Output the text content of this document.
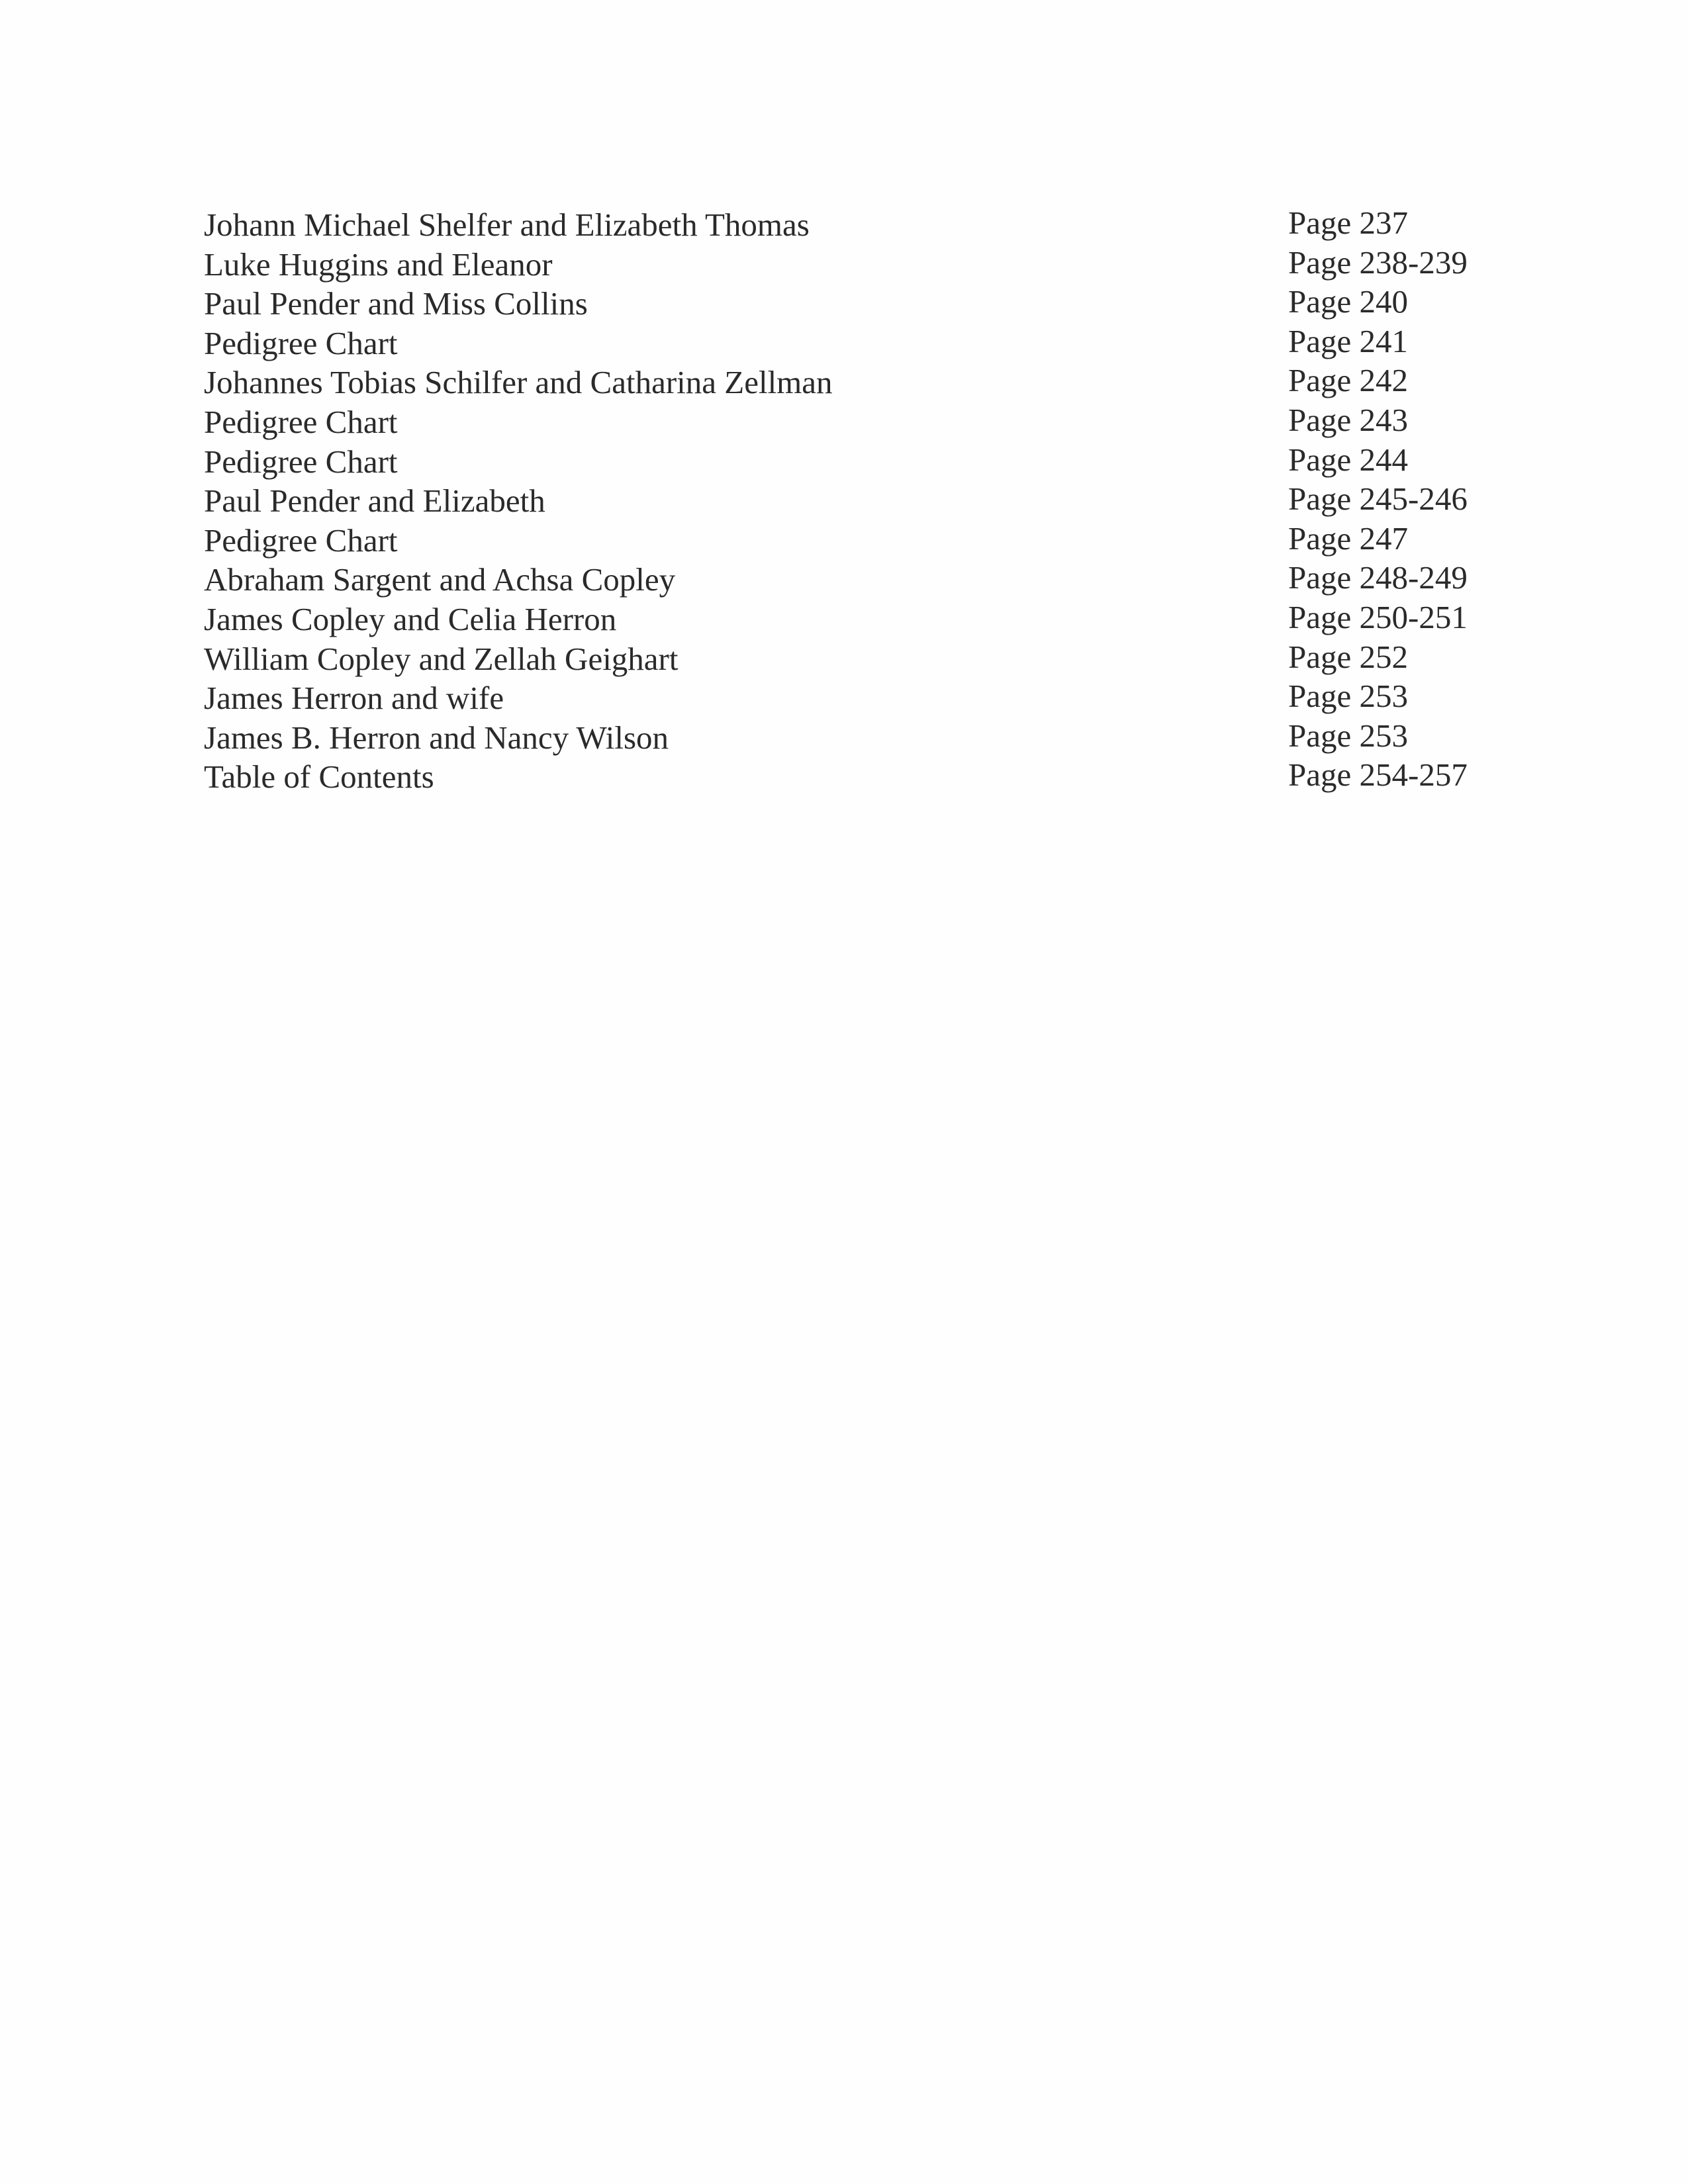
Johann Michael Shelfer and Elizabeth Thomas	Page 237
Luke Huggins and Eleanor	Page 238-239
Paul Pender and Miss Collins	Page 240
Pedigree Chart	Page 241
Johannes Tobias Schilfer and Catharina Zellman	Page 242
Pedigree Chart	Page 243
Pedigree Chart	Page 244
Paul Pender and Elizabeth	Page 245-246
Pedigree Chart	Page 247
Abraham Sargent and Achsa Copley	Page 248-249
James Copley and Celia Herron	Page 250-251
William Copley and Zellah Geighart	Page 252
James Herron and wife	Page 253
James B. Herron and Nancy Wilson	Page 253
Table of Contents	Page 254-257
